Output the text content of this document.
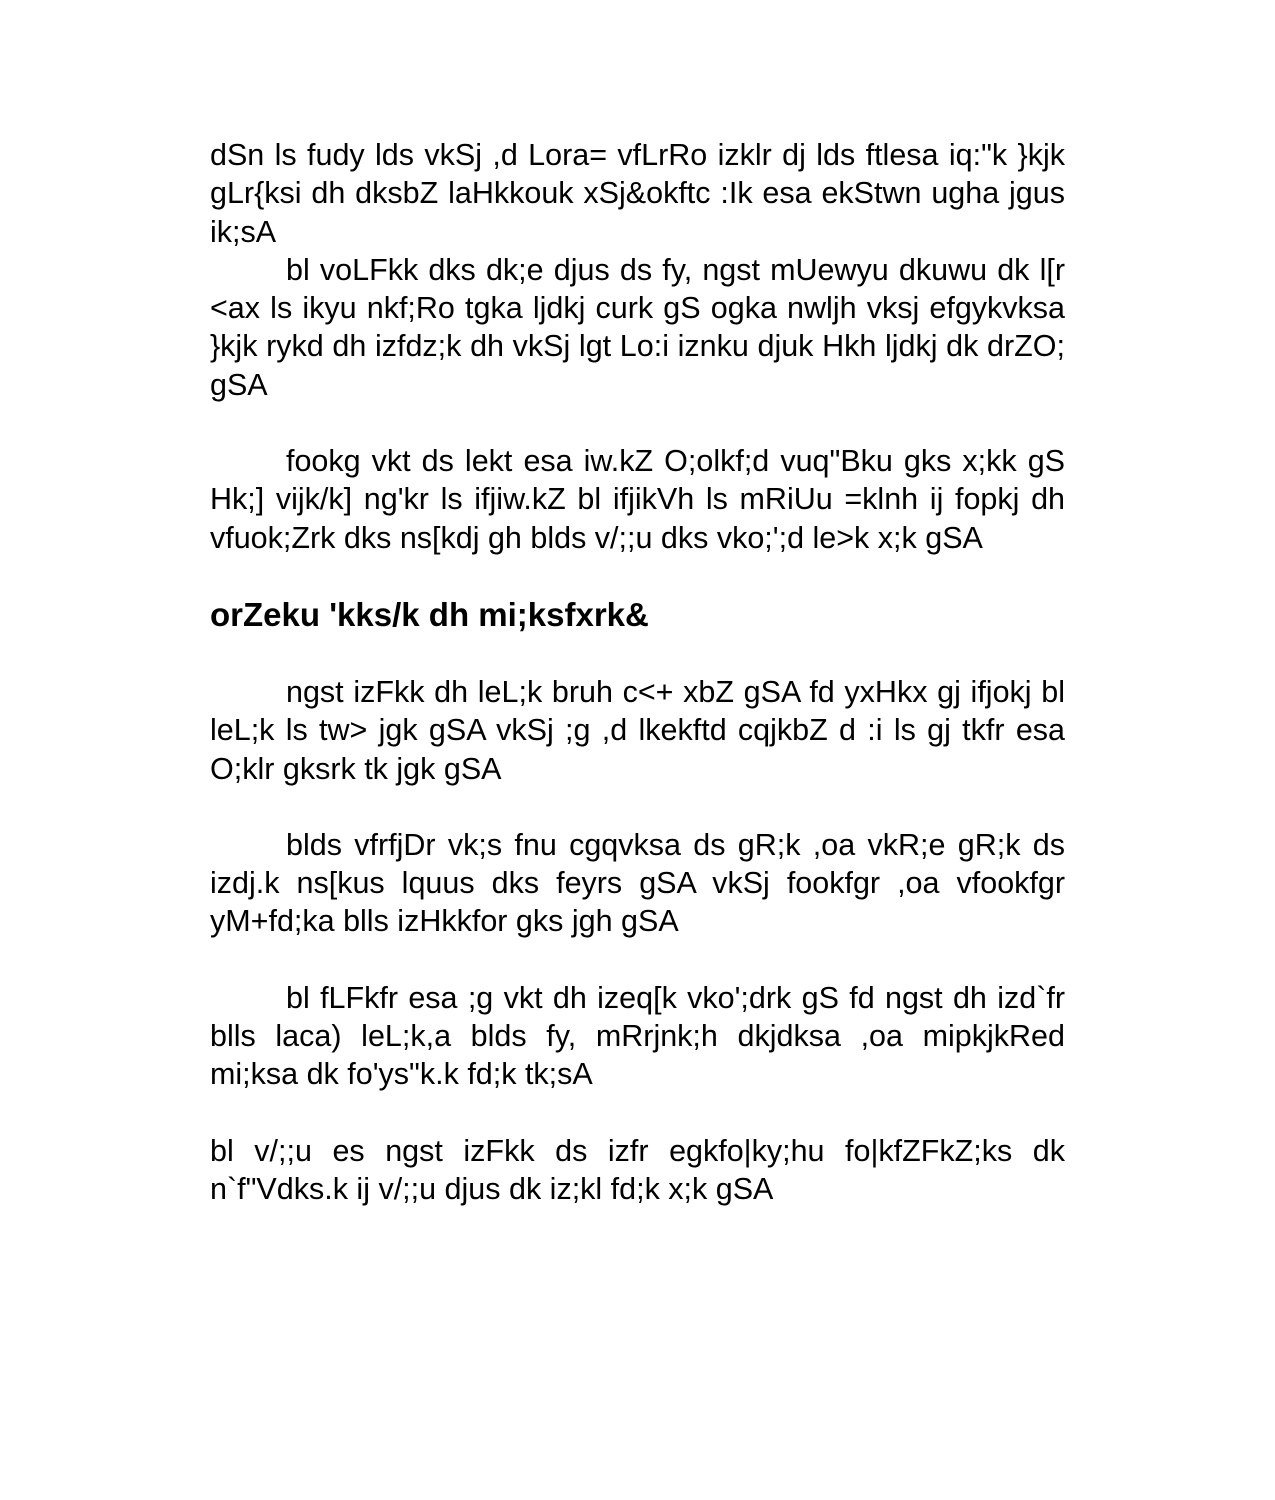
dSn ls fudy lds vkSj ,d Lora= vfLrRo izklr dj lds ftlesa iq:"k }kjk gLr{ksi dh dksbZ laHkkouk xSj&okftc :Ik esa ekStwn ugha jgus ik;sA

bl voLFkk dks dk;e djus ds fy, ngst mUewyu dkuwu dk l[r <ax ls ikyu nkf;Ro tgka ljdkj curk gS ogka nwljh vksj efgykvksa }kjk rykd dh izfdz;k dh vkSj lgt Lo:i iznku djuk Hkh ljdkj dk drZO; gSA

fookg vkt ds lekt esa iw.kZ O;olkf;d vuq"Bku gks x;kk gS Hk;] vijk/k] ng'kr ls ifjiw.kZ bl ifjikVh ls mRiUu =klnh ij fopkj dh vfuok;Zrk dks ns[kdj gh blds v/;;u dks vko;';d le>k x;k gSA

orZeku 'kks/k dh mi;ksfxrk&

ngst izFkk dh leL;k bruh c<+ xbZ gSA fd yxHkx gj ifjokj bl leL;k ls tw> jgk gSA vkSj ;g ,d lkekftd cqjkbZ d :i ls gj tkfr esa O;klr gksrk tk jgk gSA

blds vfrfjDr vk;s fnu cgqvksa ds gR;k ,oa vkR;e gR;k ds izdj.k ns[kus lquus dks feyrs gSA vkSj fookfgr ,oa vfookfgr yM+fd;ka blls izHkkfor gks jgh gSA

bl fLFkfr esa ;g vkt dh izeq[k vko';drk gS fd ngst dh izd`fr blls laca) leL;k,a blds fy, mRrjnk;h dkjdksa ,oa mipkjkRed mi;ksa dk fo'ys"k.k fd;k tk;sA

bl v/;;u es ngst izFkk ds izfr egkfo|ky;hu fo|kfZFkZ;ks dk n`f"Vdks.k ij v/;;u djus dk iz;kl fd;k x;k gSA
